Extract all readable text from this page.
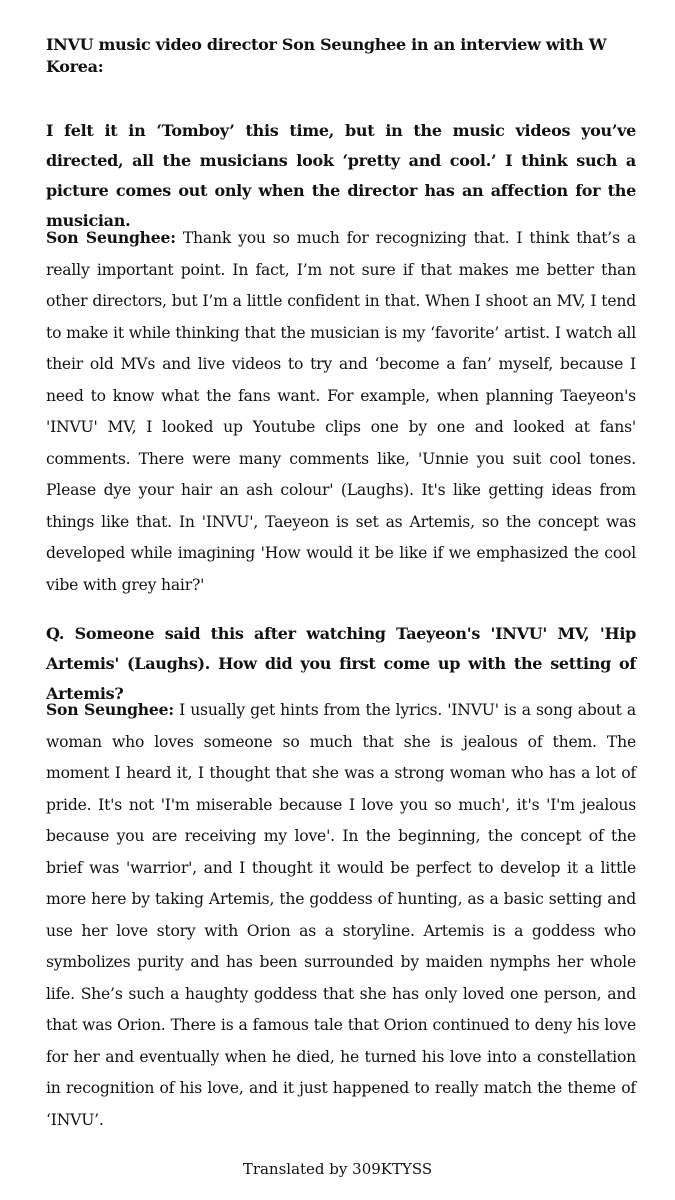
INVU music video director Son Seunghee in an interview with W Korea:
I felt it in ‘Tomboy’ this time, but in the music videos you’ve directed, all the musicians look ‘pretty and cool.’ I think such a picture comes out only when the director has an affection for the musician.
Son Seunghee: Thank you so much for recognizing that. I think that’s a really important point. In fact, I’m not sure if that makes me better than other directors, but I’m a little confident in that. When I shoot an MV, I tend to make it while thinking that the musician is my ‘favorite’ artist. I watch all their old MVs and live videos to try and ‘become a fan’ myself, because I need to know what the fans want. For example, when planning Taeyeon's 'INVU' MV, I looked up Youtube clips one by one and looked at fans' comments. There were many comments like, 'Unnie you suit cool tones. Please dye your hair an ash colour' (Laughs). It's like getting ideas from things like that. In 'INVU', Taeyeon is set as Artemis, so the concept was developed while imagining 'How would it be like if we emphasized the cool vibe with grey hair?'
Q. Someone said this after watching Taeyeon's 'INVU' MV, 'Hip Artemis' (Laughs). How did you first come up with the setting of Artemis?
Son Seunghee: I usually get hints from the lyrics. 'INVU' is a song about a woman who loves someone so much that she is jealous of them. The moment I heard it, I thought that she was a strong woman who has a lot of pride. It's not 'I'm miserable because I love you so much', it's 'I'm jealous because you are receiving my love'. In the beginning, the concept of the brief was 'warrior', and I thought it would be perfect to develop it a little more here by taking Artemis, the goddess of hunting, as a basic setting and use her love story with Orion as a storyline. Artemis is a goddess who symbolizes purity and has been surrounded by maiden nymphs her whole life. She’s such a haughty goddess that she has only loved one person, and that was Orion. There is a famous tale that Orion continued to deny his love for her and eventually when he died, he turned his love into a constellation in recognition of his love, and it just happened to really match the theme of ‘INVU’.
Translated by 309KTYSS
